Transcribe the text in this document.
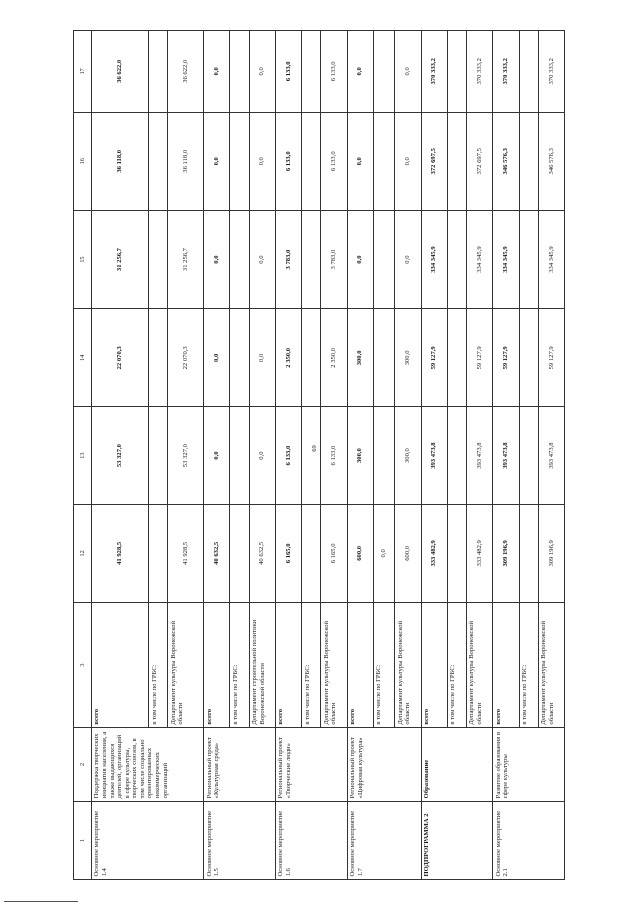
69
1	2	3	12	13	14	15	16	17
Основное мероприятие 1.4	Поддержка творческих инициатив населения, а также выдающихся деятелей, организаций в сфере культуры, творческих союзов, в том числе социально ориентированных некоммерческих организаций	всего	41 928,5	53 327,0	22 070,3	31 256,7	36 118,0	36 622,0
		в том числе по ГРБС:						
		Департамент культуры Воронежской области	41 928,5	53 327,0	22 070,3	31 256,7	36 118,0	36 622,0
Основное мероприятие 1.5	Региональный проект «Культурная среда»	всего	40 632,5	0,0	0,0	0,0	0,0	0,0
		в том числе по ГРБС:						
		Департамент строительной политики Воронежской области	40 632,5	0,0	0,0	0,0	0,0	0,0
Основное мероприятие 1.6	Региональный проект «Творческие люди»	всего	6 165,0	6 133,0	2 350,0	3 783,0	6 133,0	6 133,0
		в том числе по ГРБС:						
		Департамент культуры Воронежской области	6 165,0	6 133,0	2 350,0	3 783,0	6 133,0	6 133,0
Основное мероприятие 1.7	Региональный проект «Цифровая культура»	всего	600,0	300,0	300,0	0,0	0,0	0,0
		в том числе по ГРБС:	0,0					
		Департамент культуры Воронежской области	600,0	300,0	300,0	0,0	0,0	0,0
ПОДПРОГРАММА 2	Образование	всего	333 482,9	393 473,8	59 127,9	334 345,9	372 697,5	370 333,2
		в том числе по ГРБС:						
		Департамент культуры Воронежской области	333 482,9	393 473,8	59 127,9	334 345,9	372 697,5	370 333,2
Основное мероприятие 2.1	Развитие образования в сфере культуры	всего	309 196,9	393 473,8	59 127,9	334 345,9	346 576,3	370 333,2
		в том числе по ГРБС:						
		Департамент культуры Воронежской области	309 196,9	393 473,8	59 127,9	334 345,9	346 576,3	370 333,2
